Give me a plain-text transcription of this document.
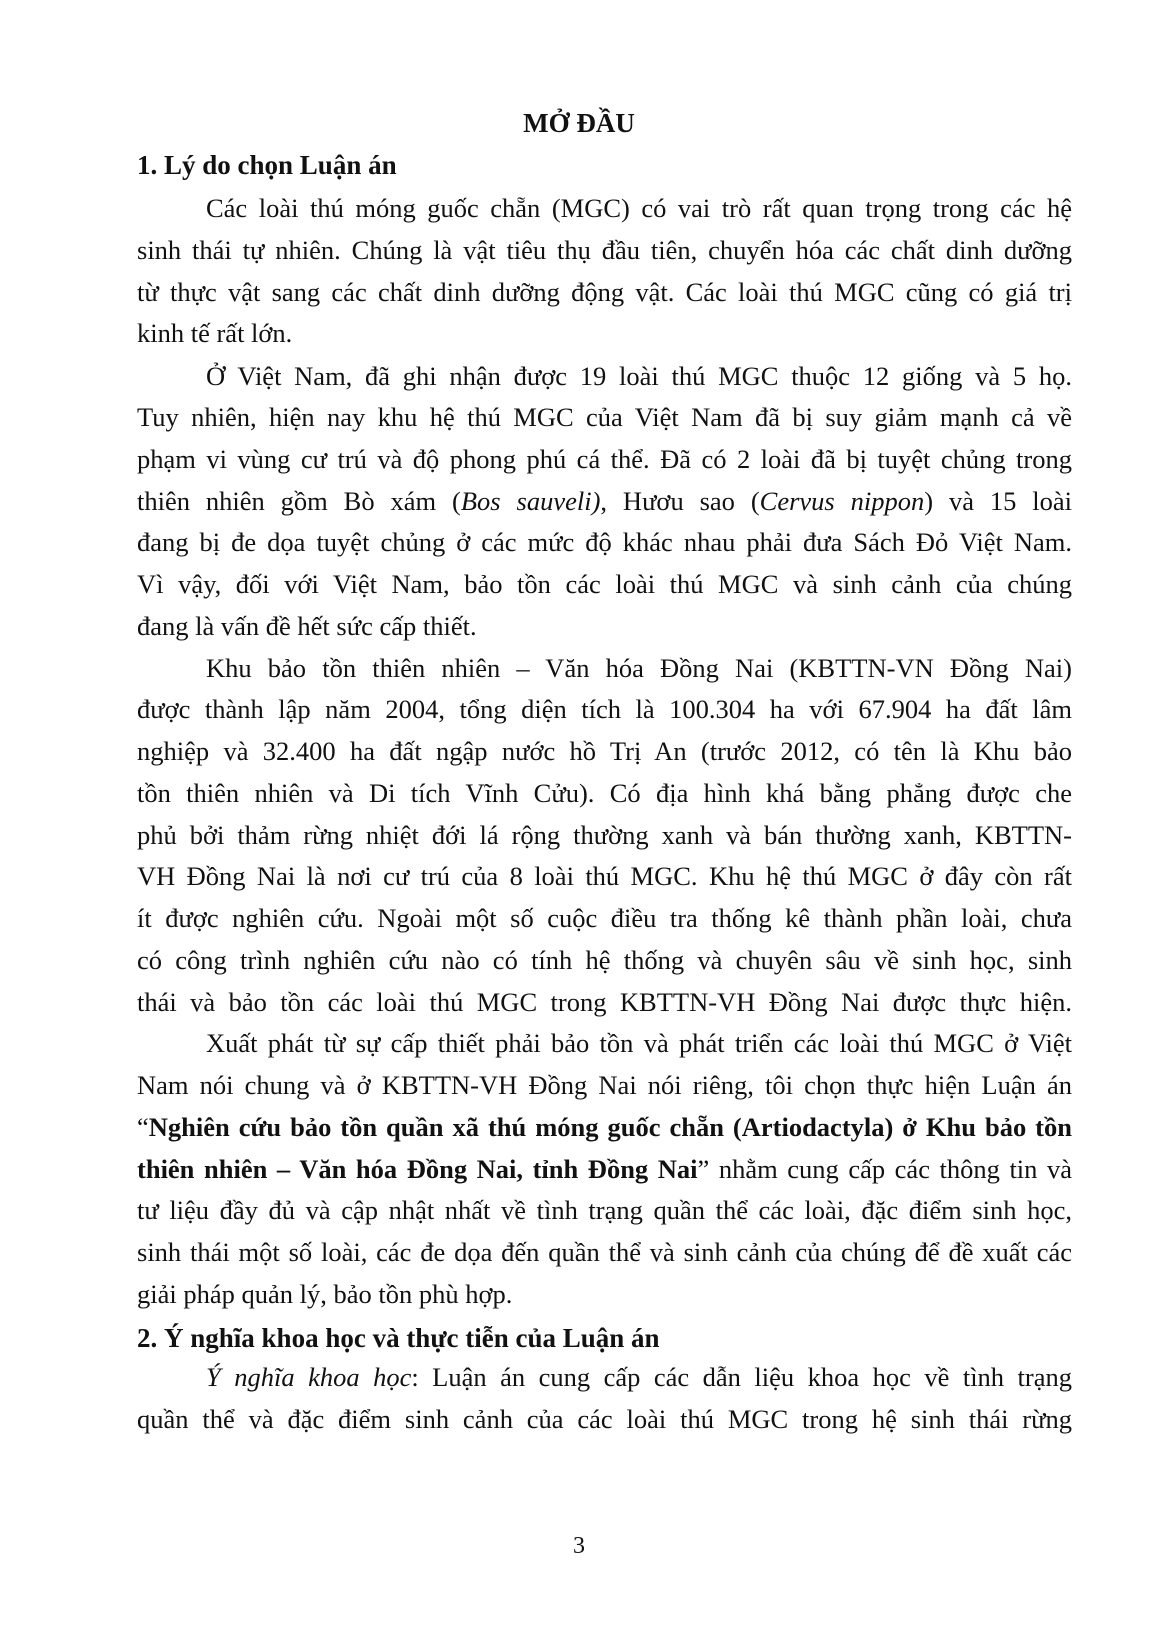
MỞ ĐẦU
1. Lý do chọn Luận án
Các loài thú móng guốc chẵn (MGC) có vai trò rất quan trọng trong các hệ
sinh thái tự nhiên. Chúng là vật tiêu thụ đầu tiên, chuyển hóa các chất dinh dưỡng
từ thực vật sang các chất dinh dưỡng động vật. Các loài thú MGC cũng có giá trị
kinh tế rất lớn.
Ở Việt Nam, đã ghi nhận được 19 loài thú MGC thuộc 12 giống và 5 họ.
Tuy nhiên, hiện nay khu hệ thú MGC của Việt Nam đã bị suy giảm mạnh cả về
phạm vi vùng cư trú và độ phong phú cá thể. Đã có 2 loài đã bị tuyệt chủng trong
thiên nhiên gồm Bò xám (Bos sauveli), Hươu sao (Cervus nippon) và 15 loài
đang bị đe dọa tuyệt chủng ở các mức độ khác nhau phải đưa Sách Đỏ Việt Nam.
Vì vậy, đối với Việt Nam, bảo tồn các loài thú MGC và sinh cảnh của chúng
đang là vấn đề hết sức cấp thiết.
Khu bảo tồn thiên nhiên – Văn hóa Đồng Nai (KBTTN-VN Đồng Nai)
được thành lập năm 2004, tổng diện tích là 100.304 ha với 67.904 ha đất lâm
nghiệp và 32.400 ha đất ngập nước hồ Trị An (trước 2012, có tên là Khu bảo
tồn thiên nhiên và Di tích Vĩnh Cửu). Có địa hình khá bằng phẳng được che
phủ bởi thảm rừng nhiệt đới lá rộng thường xanh và bán thường xanh, KBTTN-
VH Đồng Nai là nơi cư trú của 8 loài thú MGC. Khu hệ thú MGC ở đây còn rất
ít được nghiên cứu. Ngoài một số cuộc điều tra thống kê thành phần loài, chưa
có công trình nghiên cứu nào có tính hệ thống và chuyên sâu về sinh học, sinh
thái và bảo tồn các loài thú MGC trong KBTTN-VH Đồng Nai được thực hiện.
Xuất phát từ sự cấp thiết phải bảo tồn và phát triển các loài thú MGC ở Việt
Nam nói chung và ở KBTTN-VH Đồng Nai nói riêng, tôi chọn thực hiện Luận án
“Nghiên cứu bảo tồn quần xã thú móng guốc chẵn (Artiodactyla) ở Khu bảo tồn
thiên nhiên – Văn hóa Đồng Nai, tỉnh Đồng Nai” nhằm cung cấp các thông tin và
tư liệu đầy đủ và cập nhật nhất về tình trạng quần thể các loài, đặc điểm sinh học,
sinh thái một số loài, các đe dọa đến quần thể và sinh cảnh của chúng để đề xuất các
giải pháp quản lý, bảo tồn phù hợp.
2. Ý nghĩa khoa học và thực tiễn của Luận án
Ý nghĩa khoa học: Luận án cung cấp các dẫn liệu khoa học về tình trạng
quần thể và đặc điểm sinh cảnh của các loài thú MGC trong hệ sinh thái rừng
3
